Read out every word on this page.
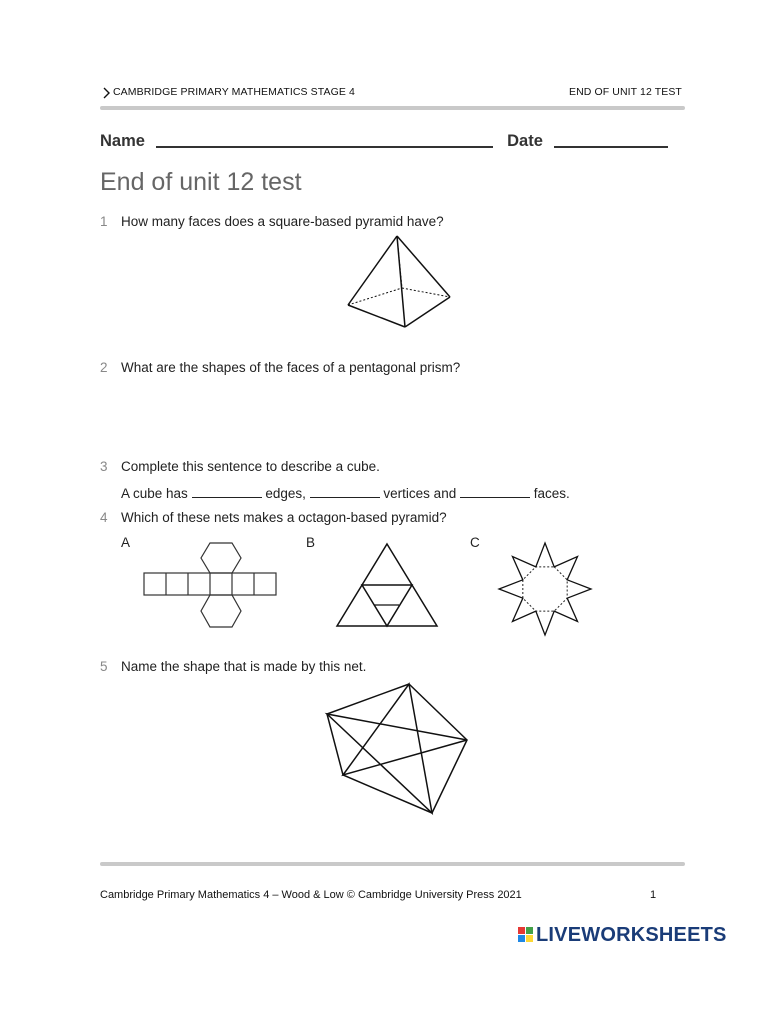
CAMBRIDGE PRIMARY MATHEMATICS STAGE 4	END OF UNIT 12 TEST
Name	Date
End of unit 12 test
1 How many faces does a square-based pyramid have?
2 What are the shapes of the faces of a pentagonal prism?
3 Complete this sentence to describe a cube.
A cube has	edges,	vertices and	faces.
4 Which of these nets makes a octagon-based pyramid?
A	B	C
5 Name the shape that is made by this net.
Cambridge Primary Mathematics 4 – Wood & Low © Cambridge University Press 2021	1
LIVEWORKSHEETS
